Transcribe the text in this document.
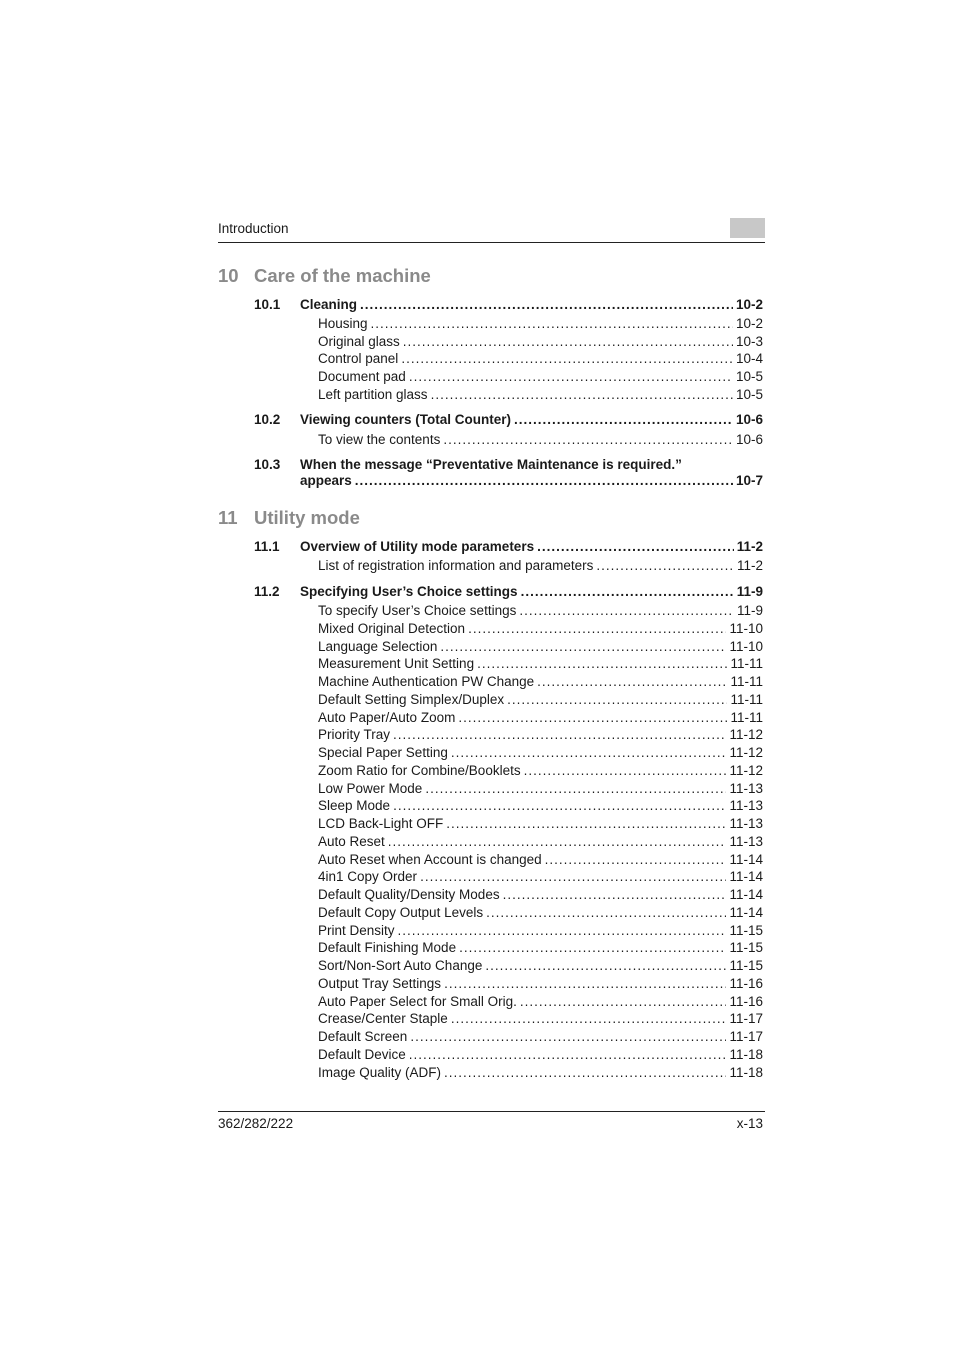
Introduction
10 Care of the machine
10.1 Cleaning .....	10-2
Housing .....	10-2
Original glass .....	10-3
Control panel .....	10-4
Document pad .....	10-5
Left partition glass .....	10-5
10.2 Viewing counters (Total Counter) .....	10-6
To view the contents .....	10-6
10.3 When the message “Preventative Maintenance is required.”
appears .....	10-7
11 Utility mode
11.1 Overview of Utility mode parameters .....	11-2
List of registration information and parameters .....	11-2
11.2 Specifying User’s Choice settings .....	11-9
To specify User’s Choice settings .....	11-9
Mixed Original Detection .....	11-10
Language Selection .....	11-10
Measurement Unit Setting .....	11-11
Machine Authentication PW Change .....	11-11
Default Setting Simplex/Duplex .....	11-11
Auto Paper/Auto Zoom .....	11-11
Priority Tray .....	11-12
Special Paper Setting .....	11-12
Zoom Ratio for Combine/Booklets .....	11-12
Low Power Mode .....	11-13
Sleep Mode .....	11-13
LCD Back-Light OFF .....	11-13
Auto Reset .....	11-13
Auto Reset when Account is changed .....	11-14
4in1 Copy Order .....	11-14
Default Quality/Density Modes .....	11-14
Default Copy Output Levels .....	11-14
Print Density .....	11-15
Default Finishing Mode .....	11-15
Sort/Non-Sort Auto Change .....	11-15
Output Tray Settings .....	11-16
Auto Paper Select for Small Orig. .....	11-16
Crease/Center Staple .....	11-17
Default Screen .....	11-17
Default Device .....	11-18
Image Quality (ADF) .....	11-18
362/282/222	x-13
